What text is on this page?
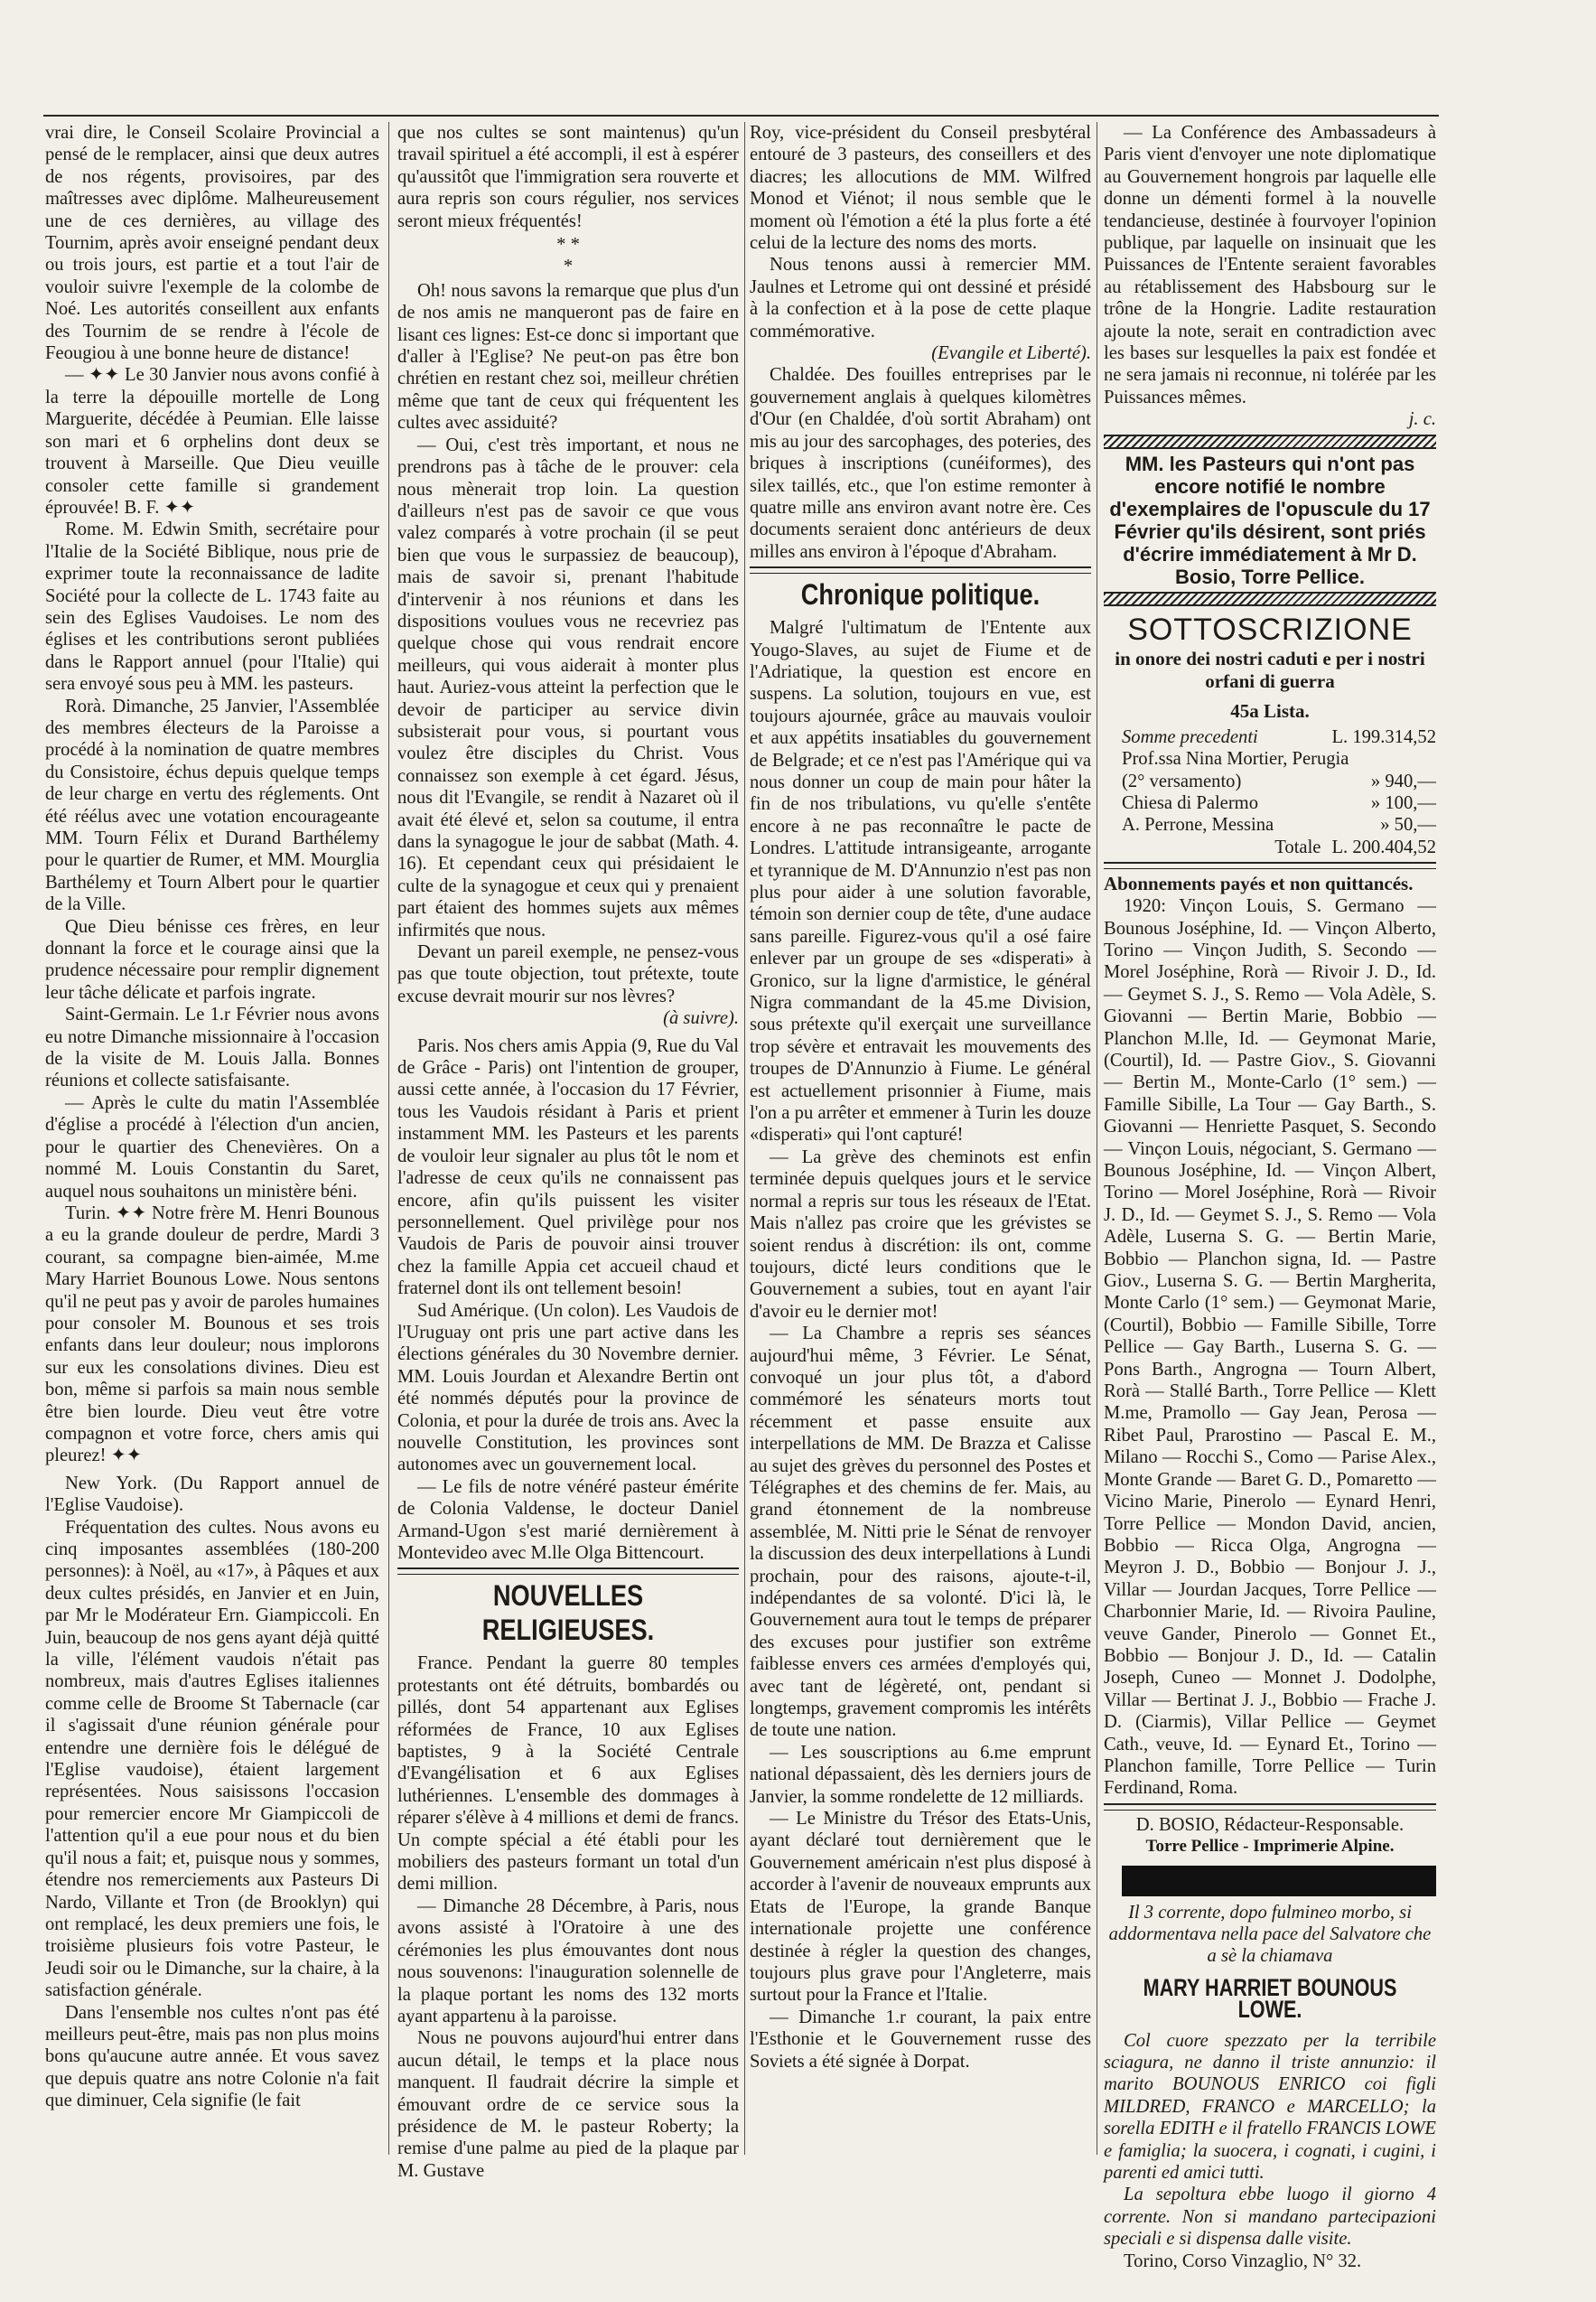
vrai dire, le Conseil Scolaire Provincial a pensé de le remplacer, ainsi que deux autres de nos régents, provisoires, par des maîtresses avec diplôme. Malheureusement une de ces dernières, au village des Tournim, après avoir enseigné pendant deux ou trois jours, est partie et a tout l'air de vouloir suivre l'exemple de la colombe de Noé. Les autorités conseillent aux enfants des Tournim de se rendre à l'école de Feougiou à une bonne heure de distance!

— ✦✦ Le 30 Janvier nous avons confié à la terre la dépouille mortelle de Long Marguerite, décédée à Peumian. Elle laisse son mari et 6 orphelins dont deux se trouvent à Marseille. Que Dieu veuille consoler cette famille si grandement éprouvée! B. F. ✦✦

Rome. M. Edwin Smith, secrétaire pour l'Italie de la Société Biblique, nous prie de exprimer toute la reconnaissance de ladite Société pour la collecte de L. 1743 faite au sein des Eglises Vaudoises. Le nom des églises et les contributions seront publiées dans le Rapport annuel (pour l'Italie) qui sera envoyé sous peu à MM. les pasteurs.

Rorà. Dimanche, 25 Janvier, l'Assemblée des membres électeurs de la Paroisse a procédé à la nomination de quatre membres du Consistoire, échus depuis quelque temps de leur charge en vertu des réglements. Ont été réélus avec une votation encourageante MM. Tourn Félix et Durand Barthélemy pour le quartier de Rumer, et MM. Mourglia Barthélemy et Tourn Albert pour le quartier de la Ville.

Que Dieu bénisse ces frères, en leur donnant la force et le courage ainsi que la prudence nécessaire pour remplir dignement leur tâche délicate et parfois ingrate.

Saint-Germain. Le 1.r Février nous avons eu notre Dimanche missionnaire à l'occasion de la visite de M. Louis Jalla. Bonnes réunions et collecte satisfaisante.

— Après le culte du matin l'Assemblée d'église a procédé à l'élection d'un ancien, pour le quartier des Chenevières. On a nommé M. Louis Constantin du Saret, auquel nous souhaitons un ministère béni.

Turin. ✦✦ Notre frère M. Henri Bounous a eu la grande douleur de perdre, Mardi 3 courant, sa compagne bien-aimée, M.me Mary Harriet Bounous Lowe. Nous sentons qu'il ne peut pas y avoir de paroles humaines pour consoler M. Bounous et ses trois enfants dans leur douleur; nous implorons sur eux les consolations divines. Dieu est bon, même si parfois sa main nous semble être bien lourde. Dieu veut être votre compagnon et votre force, chers amis qui pleurez! ✦✦

New York. (Du Rapport annuel de l'Eglise Vaudoise).

Fréquentation des cultes. Nous avons eu cinq imposantes assemblées (180-200 personnes): à Noël, au «17», à Pâques et aux deux cultes présidés, en Janvier et en Juin, par Mr le Modérateur Ern. Giampiccoli. En Juin, beaucoup de nos gens ayant déjà quitté la ville, l'élément vaudois n'était pas nombreux, mais d'autres Eglises italiennes comme celle de Broome St Tabernacle (car il s'agissait d'une réunion générale pour entendre une dernière fois le délégué de l'Eglise vaudoise), étaient largement représentées. Nous saisissons l'occasion pour remercier encore Mr Giampiccoli de l'attention qu'il a eue pour nous et du bien qu'il nous a fait; et, puisque nous y sommes, étendre nos remerciements aux Pasteurs Di Nardo, Villante et Tron (de Brooklyn) qui ont remplacé, les deux premiers une fois, le troisième plusieurs fois votre Pasteur, le Jeudi soir ou le Dimanche, sur la chaire, à la satisfaction générale.

Dans l'ensemble nos cultes n'ont pas été meilleurs peut-être, mais pas non plus moins bons qu'aucune autre année. Et vous savez que depuis quatre ans notre Colonie n'a fait que diminuer, Cela signifie (le fait

que nos cultes se sont maintenus) qu'un travail spirituel a été accompli, il est à espérer qu'aussitôt que l'immigration sera rouverte et aura repris son cours régulier, nos services seront mieux fréquentés!

* *
*

Oh! nous savons la remarque que plus d'un de nos amis ne manqueront pas de faire en lisant ces lignes: Est-ce donc si important que d'aller à l'Eglise? Ne peut-on pas être bon chrétien en restant chez soi, meilleur chrétien même que tant de ceux qui fréquentent les cultes avec assiduité?

— Oui, c'est très important, et nous ne prendrons pas à tâche de le prouver: cela nous mènerait trop loin. La question d'ailleurs n'est pas de savoir ce que vous valez comparés à votre prochain (il se peut bien que vous le surpassiez de beaucoup), mais de savoir si, prenant l'habitude d'intervenir à nos réunions et dans les dispositions voulues vous ne recevriez pas quelque chose qui vous rendrait encore meilleurs, qui vous aiderait à monter plus haut. Auriez-vous atteint la perfection que le devoir de participer au service divin subsisterait pour vous, si pourtant vous voulez être disciples du Christ. Vous connaissez son exemple à cet égard. Jésus, nous dit l'Evangile, se rendit à Nazaret où il avait été élevé et, selon sa coutume, il entra dans la synagogue le jour de sabbat (Math. 4. 16). Et cependant ceux qui présidaient le culte de la synagogue et ceux qui y prenaient part étaient des hommes sujets aux mêmes infirmités que nous.

Devant un pareil exemple, ne pensez-vous pas que toute objection, tout prétexte, toute excuse devrait mourir sur nos lèvres?

(à suivre).

Paris. Nos chers amis Appia (9, Rue du Val de Grâce - Paris) ont l'intention de grouper, aussi cette année, à l'occasion du 17 Février, tous les Vaudois résidant à Paris et prient instamment MM. les Pasteurs et les parents de vouloir leur signaler au plus tôt le nom et l'adresse de ceux qu'ils ne connaissent pas encore, afin qu'ils puissent les visiter personnellement. Quel privilège pour nos Vaudois de Paris de pouvoir ainsi trouver chez la famille Appia cet accueil chaud et fraternel dont ils ont tellement besoin!

Sud Amérique. (Un colon). Les Vaudois de l'Uruguay ont pris une part active dans les élections générales du 30 Novembre dernier. MM. Louis Jourdan et Alexandre Bertin ont été nommés députés pour la province de Colonia, et pour la durée de trois ans. Avec la nouvelle Constitution, les provinces sont autonomes avec un gouvernement local.

— Le fils de notre vénéré pasteur émérite de Colonia Valdense, le docteur Daniel Armand-Ugon s'est marié dernièrement à Montevideo avec M.lle Olga Bittencourt.

NOUVELLES RELIGIEUSES.

France. Pendant la guerre 80 temples protestants ont été détruits, bombardés ou pillés, dont 54 appartenant aux Eglises réformées de France, 10 aux Eglises baptistes, 9 à la Société Centrale d'Evangélisation et 6 aux Eglises luthériennes. L'ensemble des dommages à réparer s'élève à 4 millions et demi de francs. Un compte spécial a été établi pour les mobiliers des pasteurs formant un total d'un demi million.

— Dimanche 28 Décembre, à Paris, nous avons assisté à l'Oratoire à une des cérémonies les plus émouvantes dont nous nous souvenons: l'inauguration solennelle de la plaque portant les noms des 132 morts ayant appartenu à la paroisse.

Nous ne pouvons aujourd'hui entrer dans aucun détail, le temps et la place nous manquent. Il faudrait décrire la simple et émouvant ordre de ce service sous la présidence de M. le pasteur Roberty; la remise d'une palme au pied de la plaque par M. Gustave

Roy, vice-président du Conseil presbytéral entouré de 3 pasteurs, des conseillers et des diacres; les allocutions de MM. Wilfred Monod et Viénot; il nous semble que le moment où l'émotion a été la plus forte a été celui de la lecture des noms des morts.

Nous tenons aussi à remercier MM. Jaulnes et Letrome qui ont dessiné et présidé à la confection et à la pose de cette plaque commémorative.

(Evangile et Liberté).

Chaldée. Des fouilles entreprises par le gouvernement anglais à quelques kilomètres d'Our (en Chaldée, d'où sortit Abraham) ont mis au jour des sarcophages, des poteries, des briques à inscriptions (cunéiformes), des silex taillés, etc., que l'on estime remonter à quatre mille ans environ avant notre ère. Ces documents seraient donc antérieurs de deux milles ans environ à l'époque d'Abraham.

Chronique politique.

Malgré l'ultimatum de l'Entente aux Yougo-Slaves, au sujet de Fiume et de l'Adriatique, la question est encore en suspens. La solution, toujours en vue, est toujours ajournée, grâce au mauvais vouloir et aux appétits insatiables du gouvernement de Belgrade; et ce n'est pas l'Amérique qui va nous donner un coup de main pour hâter la fin de nos tribulations, vu qu'elle s'entête encore à ne pas reconnaître le pacte de Londres. L'attitude intransigeante, arrogante et tyrannique de M. D'Annunzio n'est pas non plus pour aider à une solution favorable, témoin son dernier coup de tête, d'une audace sans pareille. Figurez-vous qu'il a osé faire enlever par un groupe de ses «disperati» à Gronico, sur la ligne d'armistice, le général Nigra commandant de la 45.me Division, sous prétexte qu'il exerçait une surveillance trop sévère et entravait les mouvements des troupes de D'Annunzio à Fiume. Le général est actuellement prisonnier à Fiume, mais l'on a pu arrêter et emmener à Turin les douze «disperati» qui l'ont capturé!

— La grève des cheminots est enfin terminée depuis quelques jours et le service normal a repris sur tous les réseaux de l'Etat. Mais n'allez pas croire que les grévistes se soient rendus à discrétion: ils ont, comme toujours, dicté leurs conditions que le Gouvernement a subies, tout en ayant l'air d'avoir eu le dernier mot!

— La Chambre a repris ses séances aujourd'hui même, 3 Février. Le Sénat, convoqué un jour plus tôt, a d'abord commémoré les sénateurs morts tout récemment et passe ensuite aux interpellations de MM. De Brazza et Calisse au sujet des grèves du personnel des Postes et Télégraphes et des chemins de fer. Mais, au grand étonnement de la nombreuse assemblée, M. Nitti prie le Sénat de renvoyer la discussion des deux interpellations à Lundi prochain, pour des raisons, ajoute-t-il, indépendantes de sa volonté. D'ici là, le Gouvernement aura tout le temps de préparer des excuses pour justifier son extrême faiblesse envers ces armées d'employés qui, avec tant de légèreté, ont, pendant si longtemps, gravement compromis les intérêts de toute une nation.

— Les souscriptions au 6.me emprunt national dépassaient, dès les derniers jours de Janvier, la somme rondelette de 12 milliards.

— Le Ministre du Trésor des Etats-Unis, ayant déclaré tout dernièrement que le Gouvernement américain n'est plus disposé à accorder à l'avenir de nouveaux emprunts aux Etats de l'Europe, la grande Banque internationale projette une conférence destinée à régler la question des changes, toujours plus grave pour l'Angleterre, mais surtout pour la France et l'Italie.

— Dimanche 1.r courant, la paix entre l'Esthonie et le Gouvernement russe des Soviets a été signée à Dorpat.

— La Conférence des Ambassadeurs à Paris vient d'envoyer une note diplomatique au Gouvernement hongrois par laquelle elle donne un démenti formel à la nouvelle tendancieuse, destinée à fourvoyer l'opinion publique, par laquelle on insinuait que les Puissances de l'Entente seraient favorables au rétablissement des Habsbourg sur le trône de la Hongrie. Ladite restauration ajoute la note, serait en contradiction avec les bases sur lesquelles la paix est fondée et ne sera jamais ni reconnue, ni tolérée par les Puissances mêmes.

j. c.

MM. les Pasteurs qui n'ont pas encore notifié le nombre d'exemplaires de l'opuscule du 17 Février qu'ils désirent, sont priés d'écrire immédiatement à Mr D. Bosio, Torre Pellice.

SOTTOSCRIZIONE

in onore dei nostri caduti e per i nostri orfani di guerra

45a Lista.

Somme precedenti	L. 199.314,52
Prof.ssa Nina Mortier, Perugia
(2° versamento)	» 940,—
Chiesa di Palermo	» 100,—
A. Perrone, Messina	» 50,—
Totale L. 200.404,52

Abonnements payés et non quittancés.

1920: Vinçon Louis, S. Germano — Bounous Joséphine, Id. — Vinçon Alberto, Torino — Vinçon Judith, S. Secondo — Morel Joséphine, Rorà — Rivoir J. D., Id. — Geymet S. J., S. Remo — Vola Adèle, S. Giovanni — Bertin Marie, Bobbio — Planchon M.lle, Id. — Geymonat Marie, (Courtil), Id. — Pastre Giov., S. Giovanni — Bertin M., Monte-Carlo (1° sem.) — Famille Sibille, La Tour — Gay Barth., S. Giovanni — Henriette Pasquet, S. Secondo — Vinçon Louis, négociant, S. Germano — Bounous Joséphine, Id. — Vinçon Albert, Torino — Morel Joséphine, Rorà — Rivoir J. D., Id. — Geymet S. J., S. Remo — Vola Adèle, Luserna S. G. — Bertin Marie, Bobbio — Planchon signa, Id. — Pastre Giov., Luserna S. G. — Bertin Margherita, Monte Carlo (1° sem.) — Geymonat Marie, (Courtil), Bobbio — Famille Sibille, Torre Pellice — Gay Barth., Luserna S. G. — Pons Barth., Angrogna — Tourn Albert, Rorà — Stallé Barth., Torre Pellice — Klett M.me, Pramollo — Gay Jean, Perosa — Ribet Paul, Prarostino — Pascal E. M., Milano — Rocchi S., Como — Parise Alex., Monte Grande — Baret G. D., Pomaretto — Vicino Marie, Pinerolo — Eynard Henri, Torre Pellice — Mondon David, ancien, Bobbio — Ricca Olga, Angrogna — Meyron J. D., Bobbio — Bonjour J. J., Villar — Jourdan Jacques, Torre Pellice — Charbonnier Marie, Id. — Rivoira Pauline, veuve Gander, Pinerolo — Gonnet Et., Bobbio — Bonjour J. D., Id. — Catalin Joseph, Cuneo — Monnet J. Dodolphe, Villar — Bertinat J. J., Bobbio — Frache J. D. (Ciarmis), Villar Pellice — Geymet Cath., veuve, Id. — Eynard Et., Torino — Planchon famille, Torre Pellice — Turin Ferdinand, Roma.

D. BOSIO, Rédacteur-Responsable.

Torre Pellice - Imprimerie Alpine.

Il 3 corrente, dopo fulmineo morbo, si addormentava nella pace del Salvatore che a sè la chiamava

MARY HARRIET BOUNOUS LOWE.

Col cuore spezzato per la terribile sciagura, ne danno il triste annunzio: il marito BOUNOUS ENRICO coi figli MILDRED, FRANCO e MARCELLO; la sorella EDITH e il fratello FRANCIS LOWE e famiglia; la suocera, i cognati, i cugini, i parenti ed amici tutti.

La sepoltura ebbe luogo il giorno 4 corrente. Non si mandano partecipazioni speciali e si dispensa dalle visite.

Torino, Corso Vinzaglio, N° 32.
